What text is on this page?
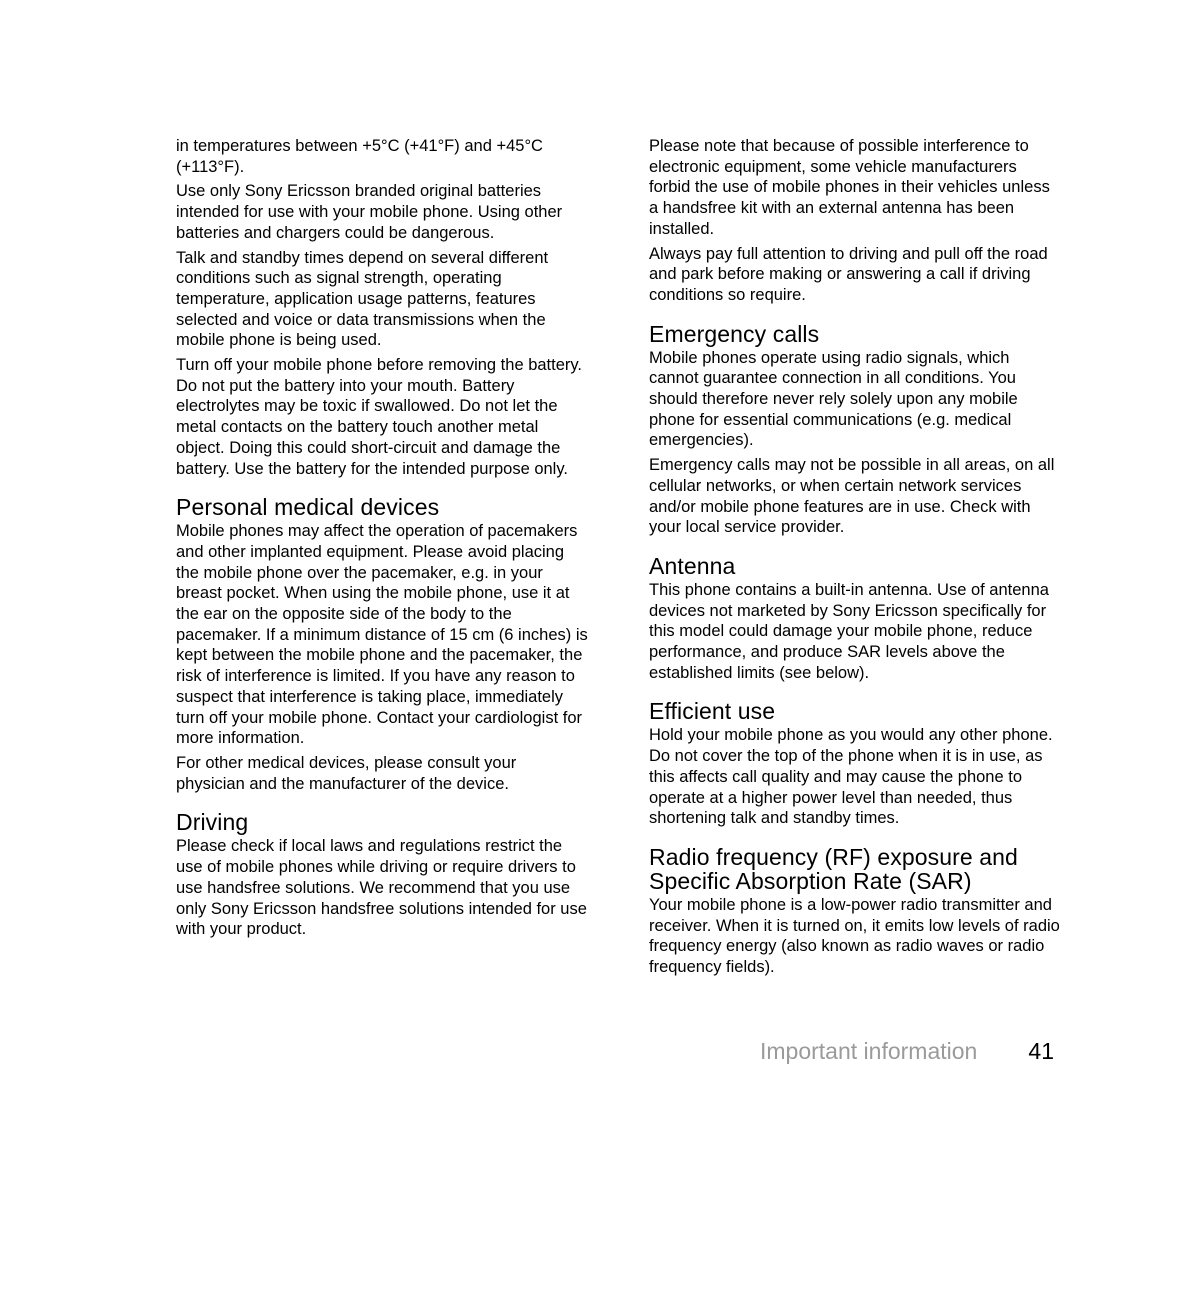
in temperatures between +5°C (+41°F) and +45°C (+113°F).

Use only Sony Ericsson branded original batteries intended for use with your mobile phone. Using other batteries and chargers could be dangerous.

Talk and standby times depend on several different conditions such as signal strength, operating temperature, application usage patterns, features selected and voice or data transmissions when the mobile phone is being used.

Turn off your mobile phone before removing the battery. Do not put the battery into your mouth. Battery electrolytes may be toxic if swallowed. Do not let the metal contacts on the battery touch another metal object. Doing this could short-circuit and damage the battery. Use the battery for the intended purpose only.

Personal medical devices

Mobile phones may affect the operation of pacemakers and other implanted equipment. Please avoid placing the mobile phone over the pacemaker, e.g. in your breast pocket. When using the mobile phone, use it at the ear on the opposite side of the body to the pacemaker. If a minimum distance of 15 cm (6 inches) is kept between the mobile phone and the pacemaker, the risk of interference is limited. If you have any reason to suspect that interference is taking place, immediately turn off your mobile phone. Contact your cardiologist for more information.

For other medical devices, please consult your physician and the manufacturer of the device.

Driving

Please check if local laws and regulations restrict the use of mobile phones while driving or require drivers to use handsfree solutions. We recommend that you use only Sony Ericsson handsfree solutions intended for use with your product.

Please note that because of possible interference to electronic equipment, some vehicle manufacturers forbid the use of mobile phones in their vehicles unless a handsfree kit with an external antenna has been installed.

Always pay full attention to driving and pull off the road and park before making or answering a call if driving conditions so require.

Emergency calls

Mobile phones operate using radio signals, which cannot guarantee connection in all conditions. You should therefore never rely solely upon any mobile phone for essential communications (e.g. medical emergencies).

Emergency calls may not be possible in all areas, on all cellular networks, or when certain network services and/or mobile phone features are in use. Check with your local service provider.

Antenna

This phone contains a built-in antenna. Use of antenna devices not marketed by Sony Ericsson specifically for this model could damage your mobile phone, reduce performance, and produce SAR levels above the established limits (see below).

Efficient use

Hold your mobile phone as you would any other phone. Do not cover the top of the phone when it is in use, as this affects call quality and may cause the phone to operate at a higher power level than needed, thus shortening talk and standby times.

Radio frequency (RF) exposure and Specific Absorption Rate (SAR)

Your mobile phone is a low-power radio transmitter and receiver. When it is turned on, it emits low levels of radio frequency energy (also known as radio waves or radio frequency fields).

Important information 41
